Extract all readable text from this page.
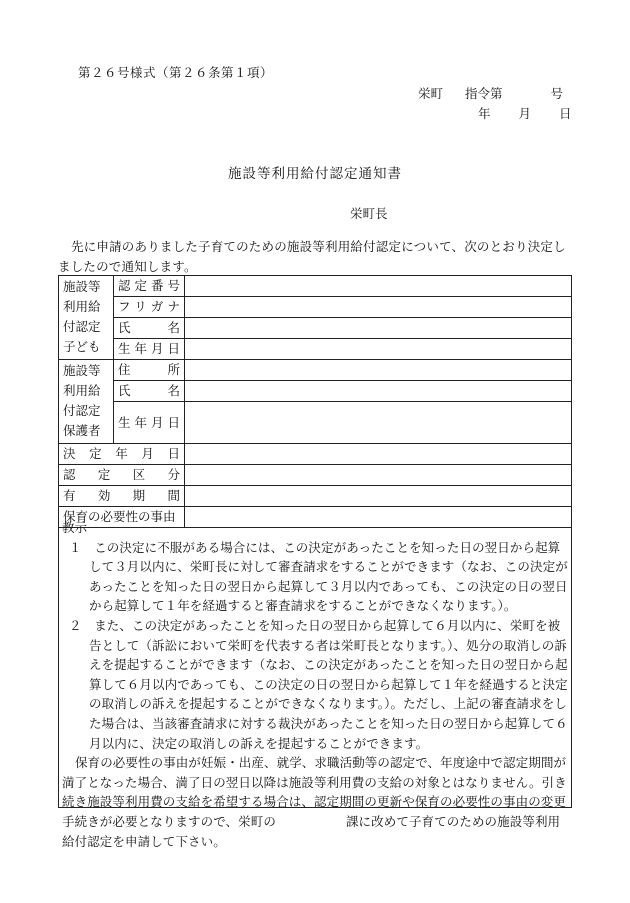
第２６号様式（第２６条第１項）
栄町 指令第	号
年 月 日
施設等利用給付認定通知書
栄町長
先に申請のありました子育てのための施設等利用給付認定について、次のとおり決定しましたので通知します。
施設等
利用給
付認定
子ども	認定番号	
	フリガナ	
	氏　名	
	生年月日	

施設等
利用給
付認定
保護者	住　所	
	氏　名	
	生年月日	

決定年月日		
認定区分		
有効期間		
保育の必要性の事由		
教示
１　この決定に不服がある場合には、この決定があったことを知った日の翌日から起算して３月以内に、栄町長に対して審査請求をすることができます（なお、この決定があったことを知った日の翌日から起算して３月以内であっても、この決定の日の翌日から起算して１年を経過すると審査請求をすることができなくなります。）。
２　また、この決定があったことを知った日の翌日から起算して６月以内に、栄町を被告として（訴訟において栄町を代表する者は栄町長となります。）、処分の取消しの訴えを提起することができます（なお、この決定があったことを知った日の翌日から起算して６月以内であっても、この決定の日の翌日から起算して１年を経過すると決定の取消しの訴えを提起することができなくなります。）。ただし、上記の審査請求をした場合は、当該審査請求に対する裁決があったことを知った日の翌日から起算して６月以内に、決定の取消しの訴えを提起することができます。
保育の必要性の事由が妊娠・出産、就学、求職活動等の認定で、年度途中で認定期間が満了となった場合、満了日の翌日以降は施設等利用費の支給の対象とはなりません。引き続き施設等利用費の支給を希望する場合は、認定期間の更新や保育の必要性の事由の変更手続きが必要となりますので、栄町の	課に改めて子育てのための施設等利用給付認定を申請して下さい。
